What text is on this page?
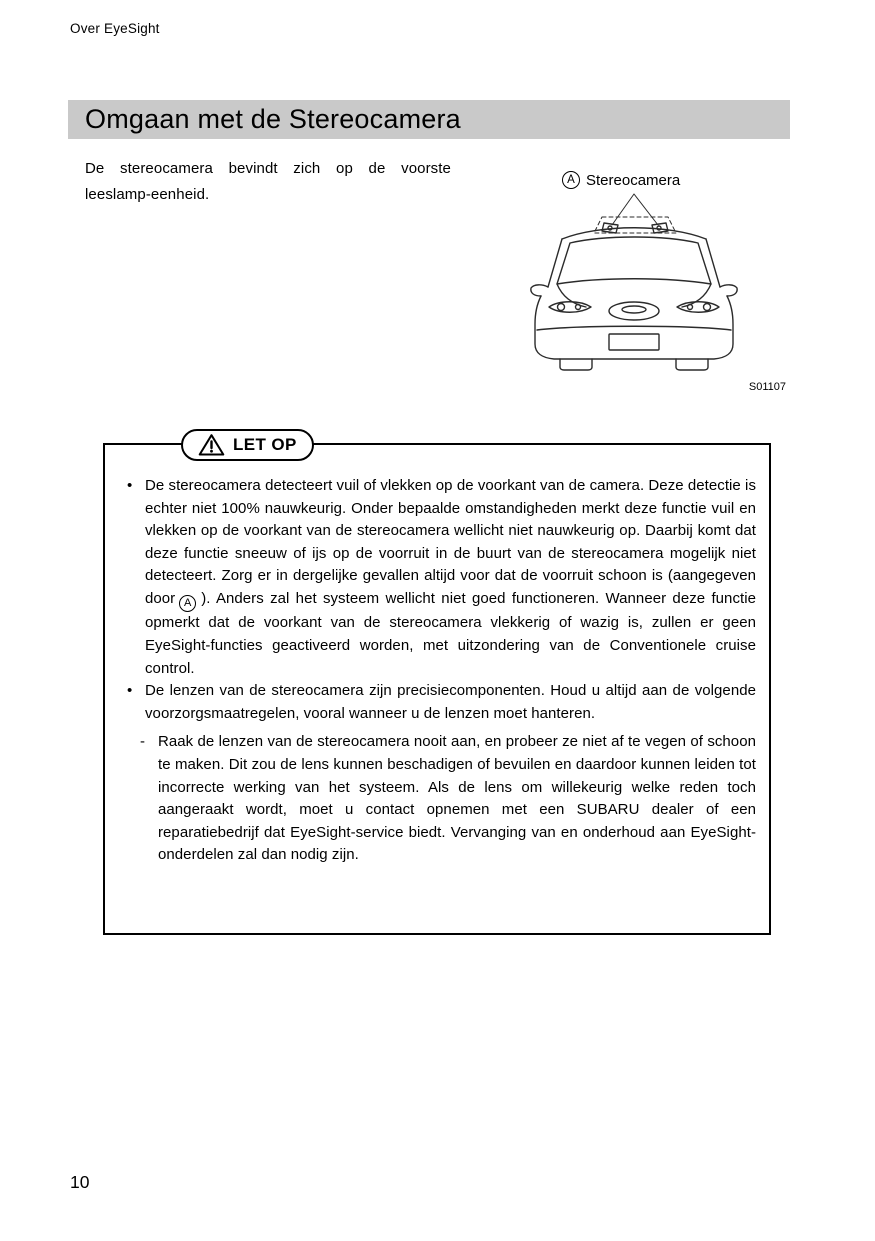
Over EyeSight
Omgaan met de Stereocamera

De stereocamera bevindt zich op de voorste leeslamp-eenheid.

A Stereocamera
S01107
LET OP
• De stereocamera detecteert vuil of vlekken op de voorkant van de camera. Deze detectie is echter niet 100% nauwkeurig. Onder bepaalde omstandigheden merkt deze functie vuil en vlekken op de voorkant van de stereocamera wellicht niet nauwkeurig op. Daarbij komt dat deze functie sneeuw of ijs op de voorruit in de buurt van de stereocamera mogelijk niet detecteert. Zorg er in dergelijke gevallen altijd voor dat de voorruit schoon is (aangegeven door A ). Anders zal het systeem wellicht niet goed functioneren. Wanneer deze functie opmerkt dat de voorkant van de stereocamera vlekkerig of wazig is, zullen er geen EyeSight-functies geactiveerd worden, met uitzondering van de Conventionele cruise control.
• De lenzen van de stereocamera zijn precisiecomponenten. Houd u altijd aan de volgende voorzorgsmaatregelen, vooral wanneer u de lenzen moet hanteren.
- Raak de lenzen van de stereocamera nooit aan, en probeer ze niet af te vegen of schoon te maken. Dit zou de lens kunnen beschadigen of bevuilen en daardoor kunnen leiden tot incorrecte werking van het systeem. Als de lens om willekeurig welke reden toch aangeraakt wordt, moet u contact opnemen met een SUBARU dealer of een reparatiebedrijf dat EyeSight-service biedt. Vervanging van en onderhoud aan EyeSight-onderdelen zal dan nodig zijn.
10
